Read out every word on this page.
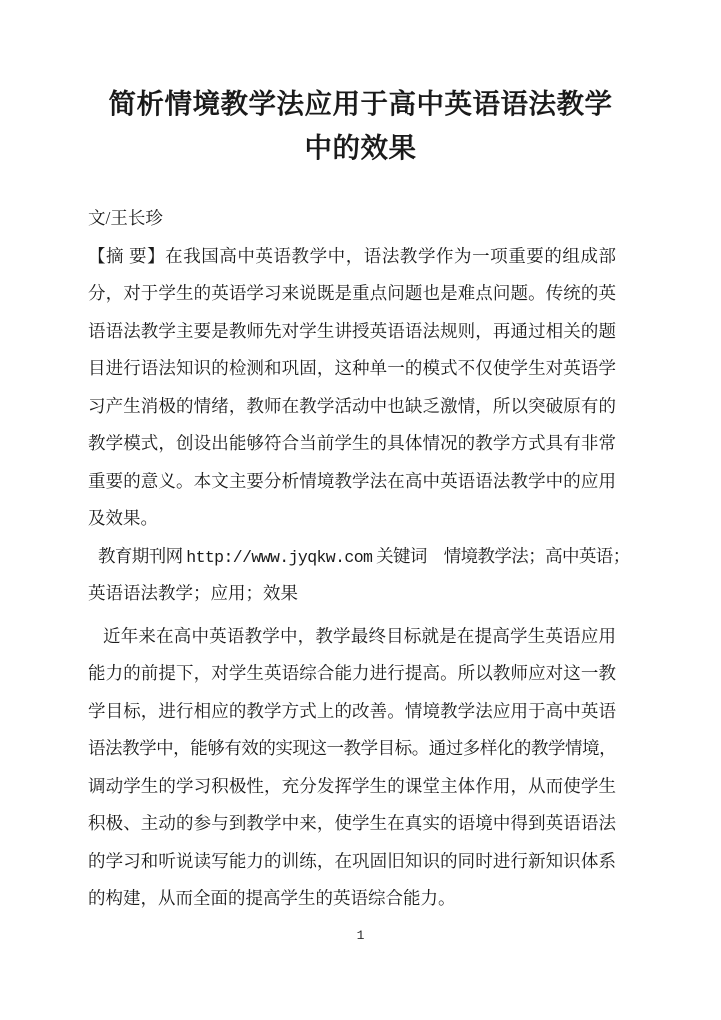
简析情境教学法应用于高中英语语法教学
中的效果
文/王长珍
【摘 要】在我国高中英语教学中，语法教学作为一项重要的组成部
分，对于学生的英语学习来说既是重点问题也是难点问题。传统的英
语语法教学主要是教师先对学生讲授英语语法规则，再通过相关的题
目进行语法知识的检测和巩固，这种单一的模式不仅使学生对英语学
习产生消极的情绪，教师在教学活动中也缺乏激情，所以突破原有的
教学模式，创设出能够符合当前学生的具体情况的教学方式具有非常
重要的意义。本文主要分析情境教学法在高中英语语法教学中的应用
及效果。
教育期刊网 http://www.jyqkw.com 关键词　情境教学法；高中英语；
英语语法教学；应用；效果
近年来在高中英语教学中，教学最终目标就是在提高学生英语应用
能力的前提下，对学生英语综合能力进行提高。所以教师应对这一教
学目标，进行相应的教学方式上的改善。情境教学法应用于高中英语
语法教学中，能够有效的实现这一教学目标。通过多样化的教学情境，
调动学生的学习积极性，充分发挥学生的课堂主体作用，从而使学生
积极、主动的参与到教学中来，使学生在真实的语境中得到英语语法
的学习和听说读写能力的训练，在巩固旧知识的同时进行新知识体系
的构建，从而全面的提高学生的英语综合能力。
1
